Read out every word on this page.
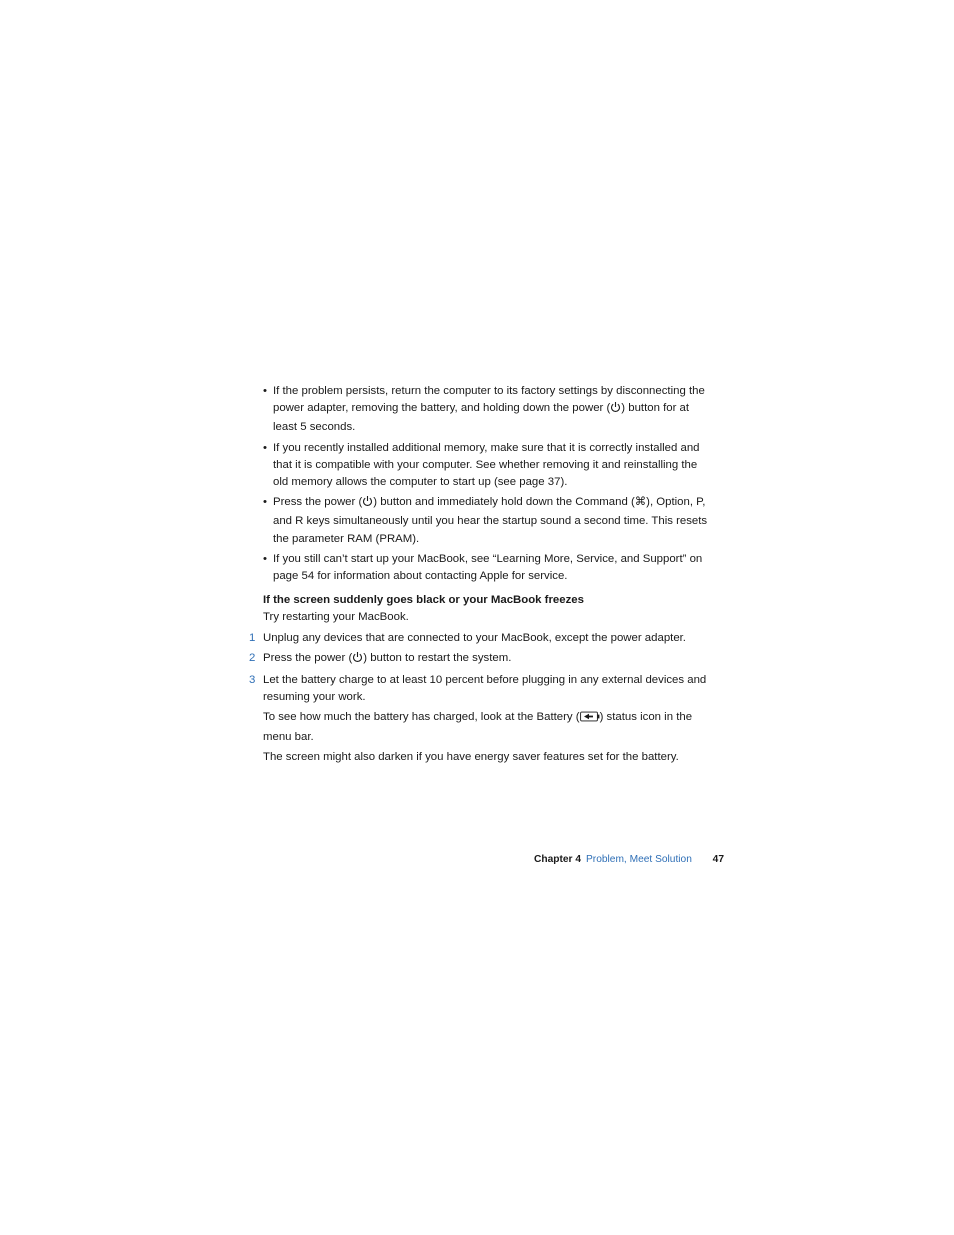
• If the problem persists, return the computer to its factory settings by disconnecting the power adapter, removing the battery, and holding down the power ( ) button for at least 5 seconds.
• If you recently installed additional memory, make sure that it is correctly installed and that it is compatible with your computer. See whether removing it and reinstalling the old memory allows the computer to start up (see page 37).
• Press the power ( ) button and immediately hold down the Command (⌘), Option, P, and R keys simultaneously until you hear the startup sound a second time. This resets the parameter RAM (PRAM).
• If you still can’t start up your MacBook, see “Learning More, Service, and Support” on page 54 for information about contacting Apple for service.
If the screen suddenly goes black or your MacBook freezes
Try restarting your MacBook.
1 Unplug any devices that are connected to your MacBook, except the power adapter.
2 Press the power ( ) button to restart the system.
3 Let the battery charge to at least 10 percent before plugging in any external devices and resuming your work.
To see how much the battery has charged, look at the Battery ( ) status icon in the menu bar.
The screen might also darken if you have energy saver features set for the battery.
Chapter 4 Problem, Meet Solution 47
